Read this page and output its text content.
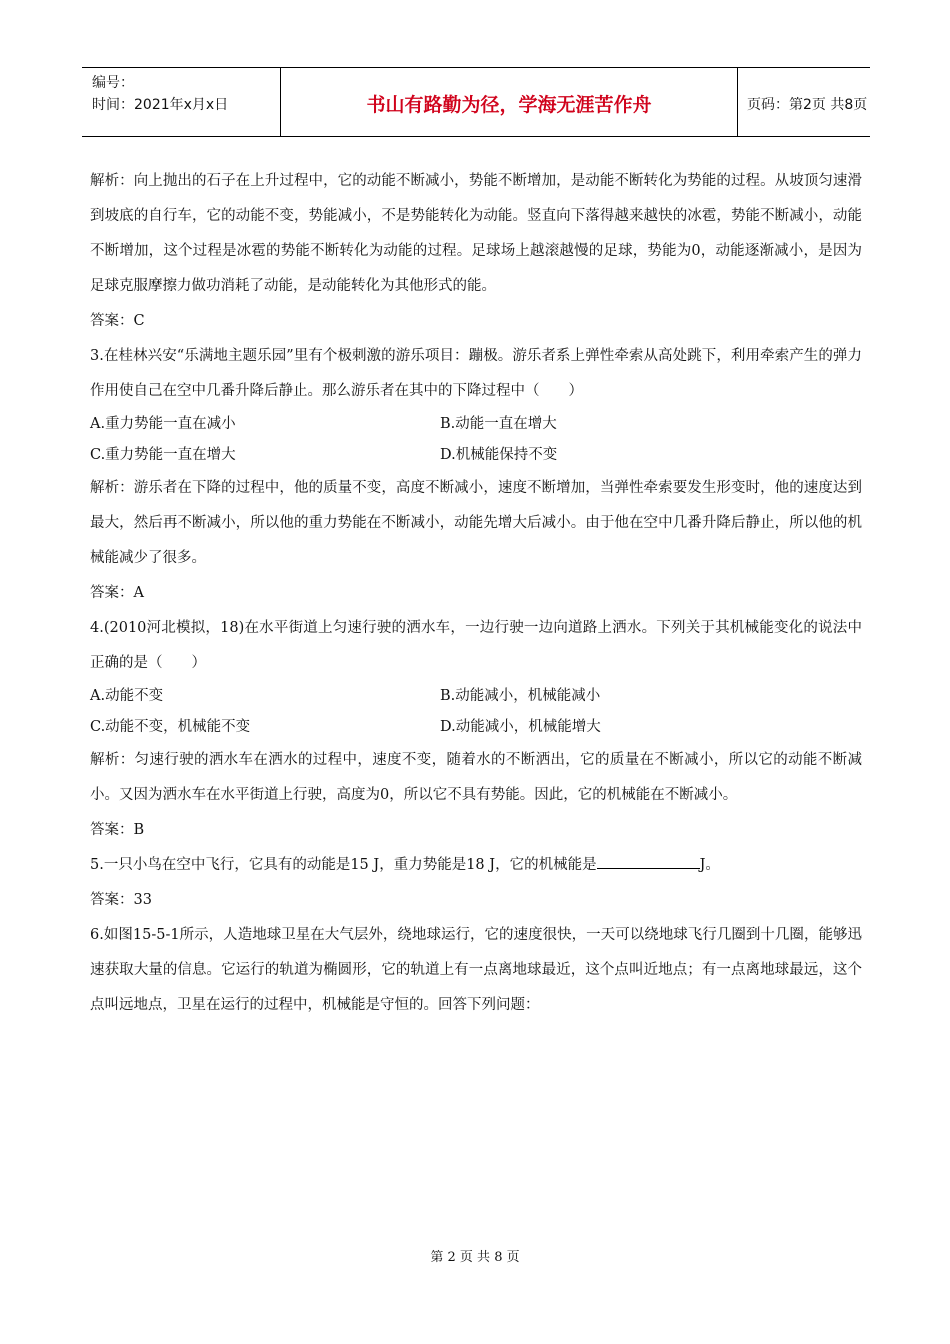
编号：
时间：2021年x月x日	书山有路勤为径，学海无涯苦作舟	页码：第2页 共8页

解析：向上抛出的石子在上升过程中，它的动能不断减小，势能不断增加，是动能不断转化为势能的过程。从坡顶匀速滑到坡底的自行车，它的动能不变，势能减小，不是势能转化为动能。竖直向下落得越来越快的冰雹，势能不断减小，动能不断增加，这个过程是冰雹的势能不断转化为动能的过程。足球场上越滚越慢的足球，势能为0，动能逐渐减小，是因为足球克服摩擦力做功消耗了动能，是动能转化为其他形式的能。

答案：C

3.在桂林兴安“乐满地主题乐园”里有个极刺激的游乐项目：蹦极。游乐者系上弹性牵索从高处跳下，利用牵索产生的弹力作用使自己在空中几番升降后静止。那么游乐者在其中的下降过程中（　　）

A.重力势能一直在减小	B.动能一直在增大
C.重力势能一直在增大	D.机械能保持不变

解析：游乐者在下降的过程中，他的质量不变，高度不断减小，速度不断增加，当弹性牵索要发生形变时，他的速度达到最大，然后再不断减小，所以他的重力势能在不断减小，动能先增大后减小。由于他在空中几番升降后静止，所以他的机械能减少了很多。

答案：A

4.(2010河北模拟，18)在水平街道上匀速行驶的洒水车，一边行驶一边向道路上洒水。下列关于其机械能变化的说法中正确的是（　　）

A.动能不变	B.动能减小，机械能减小
C.动能不变，机械能不变	D.动能减小，机械能增大

解析：匀速行驶的洒水车在洒水的过程中，速度不变，随着水的不断洒出，它的质量在不断减小，所以它的动能不断减小。又因为洒水车在水平街道上行驶，高度为0，所以它不具有势能。因此，它的机械能在不断减小。

答案：B

5.一只小鸟在空中飞行，它具有的动能是15 J，重力势能是18 J，它的机械能是	J。

答案：33

6.如图15-5-1所示，人造地球卫星在大气层外，绕地球运行，它的速度很快，一天可以绕地球飞行几圈到十几圈，能够迅速获取大量的信息。它运行的轨道为椭圆形，它的轨道上有一点离地球最近，这个点叫近地点；有一点离地球最远，这个点叫远地点，卫星在运行的过程中，机械能是守恒的。回答下列问题：

第 2 页 共 8 页
